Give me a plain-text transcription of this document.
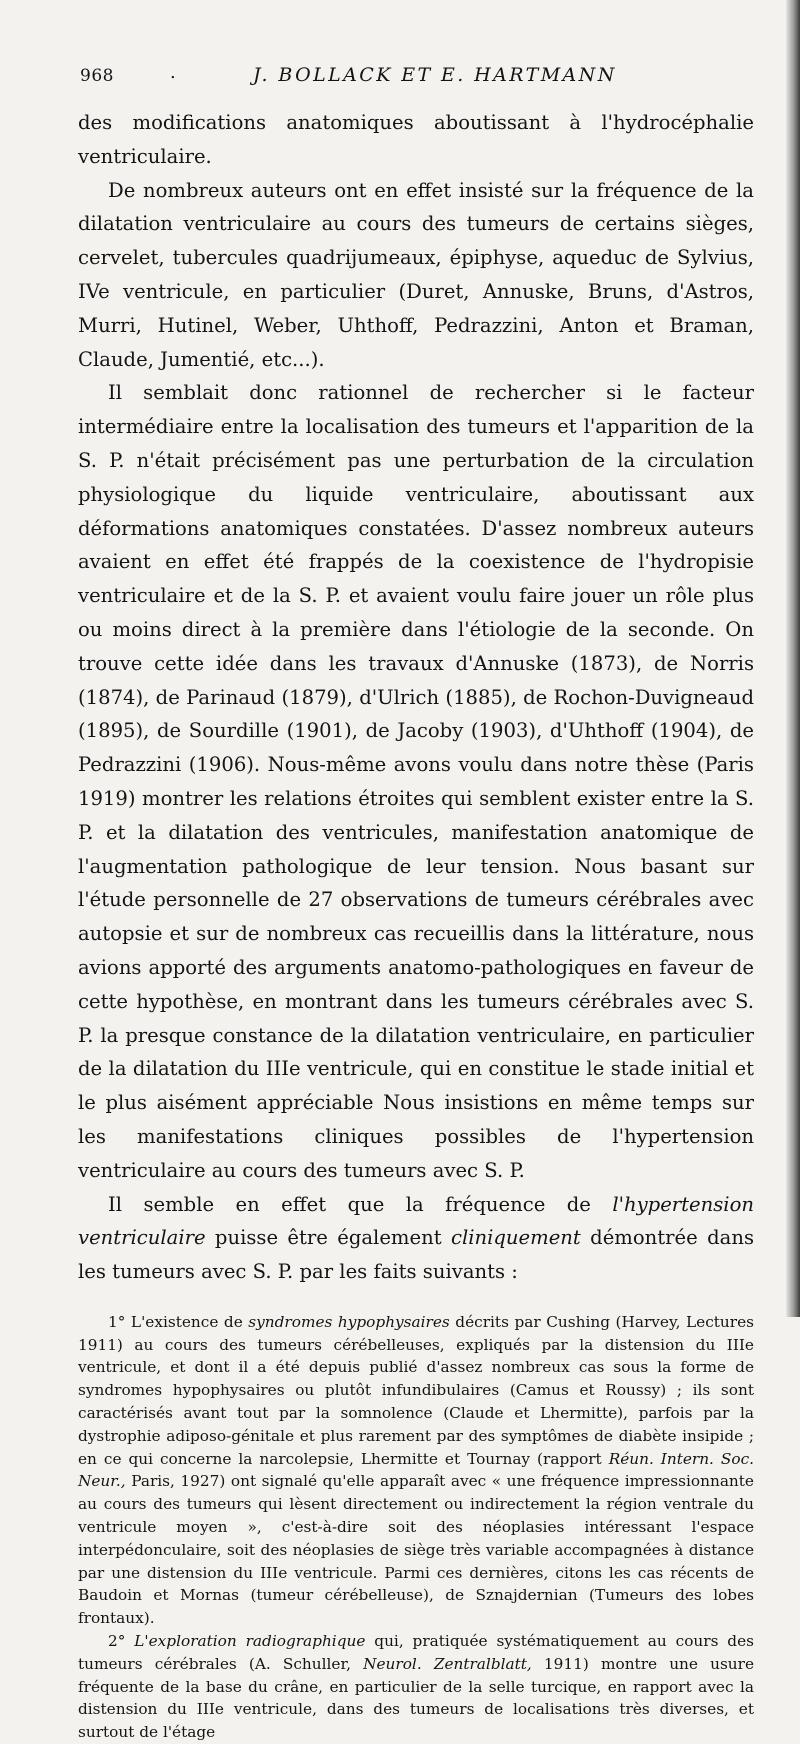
968	.	J. BOLLACK ET E. HARTMANN

des modifications anatomiques aboutissant à l'hydrocéphalie ventriculaire.

De nombreux auteurs ont en effet insisté sur la fréquence de la dilatation ventriculaire au cours des tumeurs de certains sièges, cervelet, tubercules quadrijumeaux, épiphyse, aqueduc de Sylvius, IVe ventricule, en particulier (Duret, Annuske, Bruns, d'Astros, Murri, Hutinel, Weber, Uhthoff, Pedrazzini, Anton et Braman, Claude, Jumentié, etc...).

Il semblait donc rationnel de rechercher si le facteur intermédiaire entre la localisation des tumeurs et l'apparition de la S. P. n'était précisément pas une perturbation de la circulation physiologique du liquide ventriculaire, aboutissant aux déformations anatomiques constatées. D'assez nombreux auteurs avaient en effet été frappés de la coexistence de l'hydropisie ventriculaire et de la S. P. et avaient voulu faire jouer un rôle plus ou moins direct à la première dans l'étiologie de la seconde. On trouve cette idée dans les travaux d'Annuske (1873), de Norris (1874), de Parinaud (1879), d'Ulrich (1885), de Rochon-Duvigneaud (1895), de Sourdille (1901), de Jacoby (1903), d'Uhthoff (1904), de Pedrazzini (1906). Nous-même avons voulu dans notre thèse (Paris 1919) montrer les relations étroites qui semblent exister entre la S. P. et la dilatation des ventricules, manifestation anatomique de l'augmentation pathologique de leur tension. Nous basant sur l'étude personnelle de 27 observations de tumeurs cérébrales avec autopsie et sur de nombreux cas recueillis dans la littérature, nous avions apporté des arguments anatomo-pathologiques en faveur de cette hypothèse, en montrant dans les tumeurs cérébrales avec S. P. la presque constance de la dilatation ventriculaire, en particulier de la dilatation du IIIe ventricule, qui en constitue le stade initial et le plus aisément appréciable Nous insistions en même temps sur les manifestations cliniques possibles de l'hypertension ventriculaire au cours des tumeurs avec S. P.

Il semble en effet que la fréquence de l'hypertension ventriculaire puisse être également cliniquement démontrée dans les tumeurs avec S. P. par les faits suivants :

1° L'existence de syndromes hypophysaires décrits par Cushing (Harvey, Lectures 1911) au cours des tumeurs cérébelleuses, expliqués par la distension du IIIe ventricule, et dont il a été depuis publié d'assez nombreux cas sous la forme de syndromes hypophysaires ou plutôt infundibulaires (Camus et Roussy) ; ils sont caractérisés avant tout par la somnolence (Claude et Lhermitte), parfois par la dystrophie adiposo-génitale et plus rarement par des symptômes de diabète insipide ; en ce qui concerne la narcolepsie, Lhermitte et Tournay (rapport Réun. Intern. Soc. Neur., Paris, 1927) ont signalé qu'elle apparaît avec « une fréquence impressionnante au cours des tumeurs qui lèsent directement ou indirectement la région ventrale du ventricule moyen », c'est-à-dire soit des néoplasies intéressant l'espace interpédonculaire, soit des néoplasies de siège très variable accompagnées à distance par une distension du IIIe ventricule. Parmi ces dernières, citons les cas récents de Baudoin et Mornas (tumeur cérébelleuse), de Sznajdernian (Tumeurs des lobes frontaux).

2° L'exploration radiographique qui, pratiquée systématiquement au cours des tumeurs cérébrales (A. Schuller, Neurol. Zentralblatt, 1911) montre une usure fréquente de la base du crâne, en particulier de la selle turcique, en rapport avec la distension du IIIe ventricule, dans des tumeurs de localisations très diverses, et surtout de l'étage
